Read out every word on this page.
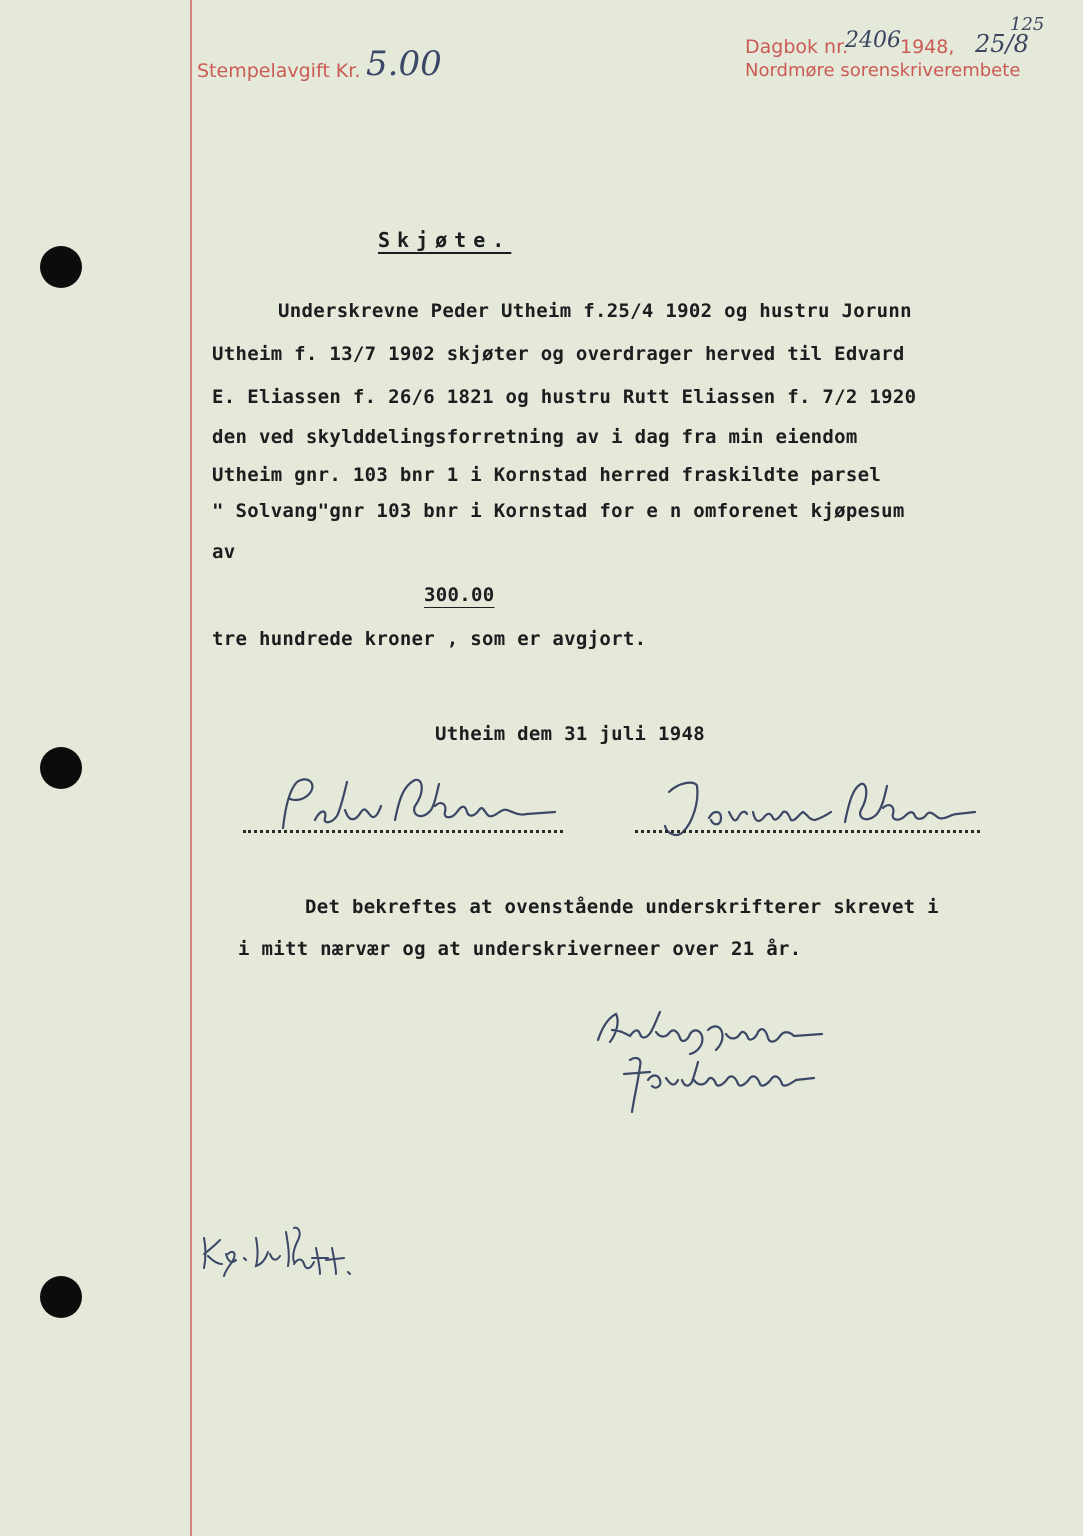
Stempelavgift Kr. 5.00	Dagbok nr.
2406 1948, 25/8
125
Nordmøre sorenskriverembete
Skjøte.
Underskrevne Peder Utheim f.25/4 1902 og hustru Jorunn
Utheim f. 13/7 1902 skjøter og overdrager herved til Edvard
E. Eliassen f. 26/6 1821 og hustru Rutt Eliassen f. 7/2 1920
den ved skylddelingsforretning av i dag fra min eiendom
Utheim gnr. 103 bnr 1 i Kornstad herred fraskildte parsel
" Solvang"gnr 103 bnr i Kornstad for e n omforenet kjøpesum
av
300.00
tre hundrede kroner , som er avgjort.
Utheim dem 31 juli 1948
Det bekreftes at ovenstående underskrifterer skrevet i
i mitt nærvær og at underskriverneer over 21 år.
